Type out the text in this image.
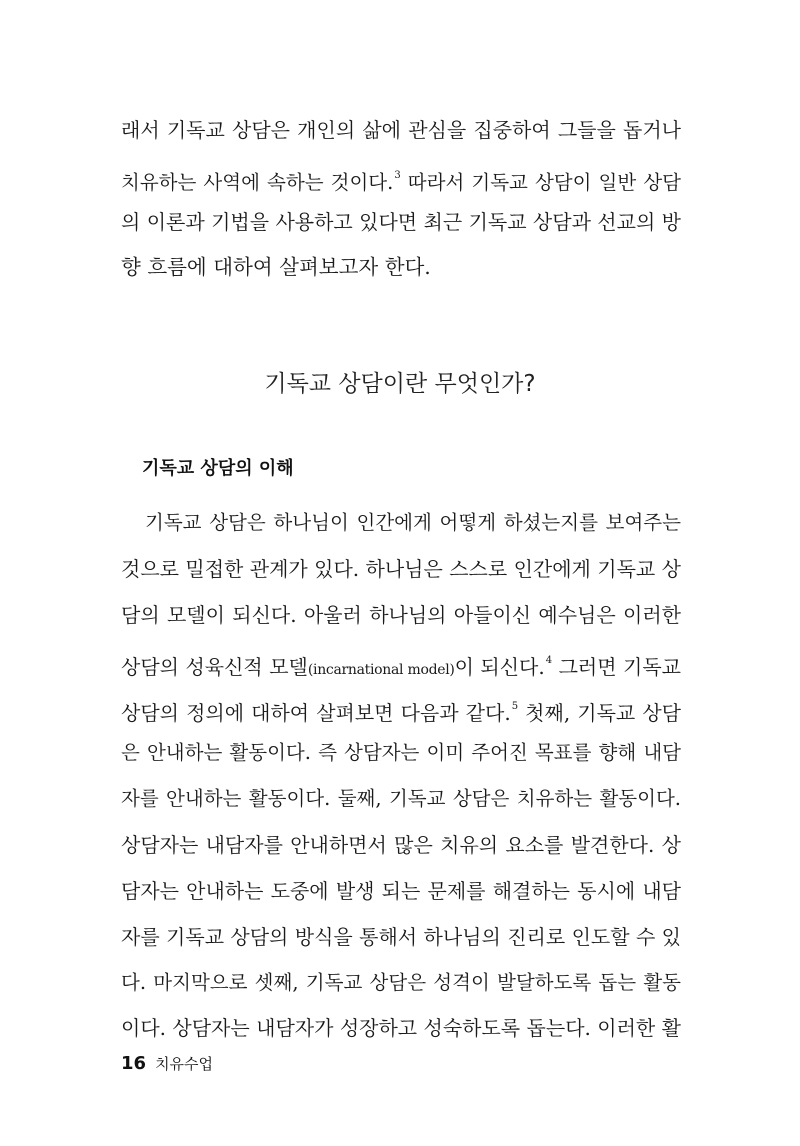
래서 기독교 상담은 개인의 삶에 관심을 집중하여 그들을 돕거나
치유하는 사역에 속하는 것이다.$^3$ 따라서 기독교 상담이 일반 상담
의 이론과 기법을 사용하고 있다면 최근 기독교 상담과 선교의 방
향 흐름에 대하여 살펴보고자 한다.
기독교 상담이란 무엇인가?
기독교 상담의 이해
기독교 상담은 하나님이 인간에게 어떻게 하셨는지를 보여주는
것으로 밀접한 관계가 있다. 하나님은 스스로 인간에게 기독교 상
담의 모델이 되신다. 아울러 하나님의 아들이신 예수님은 이러한
상담의 성육신적 모델(incarnational model)이 되신다.$^4$ 그러면 기독교
상담의 정의에 대하여 살펴보면 다음과 같다.$^5$ 첫째, 기독교 상담
은 안내하는 활동이다. 즉 상담자는 이미 주어진 목표를 향해 내담
자를 안내하는 활동이다. 둘째, 기독교 상담은 치유하는 활동이다.
상담자는 내담자를 안내하면서 많은 치유의 요소를 발견한다. 상
담자는 안내하는 도중에 발생 되는 문제를 해결하는 동시에 내담
자를 기독교 상담의 방식을 통해서 하나님의 진리로 인도할 수 있
다. 마지막으로 셋째, 기독교 상담은 성격이 발달하도록 돕는 활동
이다. 상담자는 내담자가 성장하고 성숙하도록 돕는다. 이러한 활
16 치유수업
